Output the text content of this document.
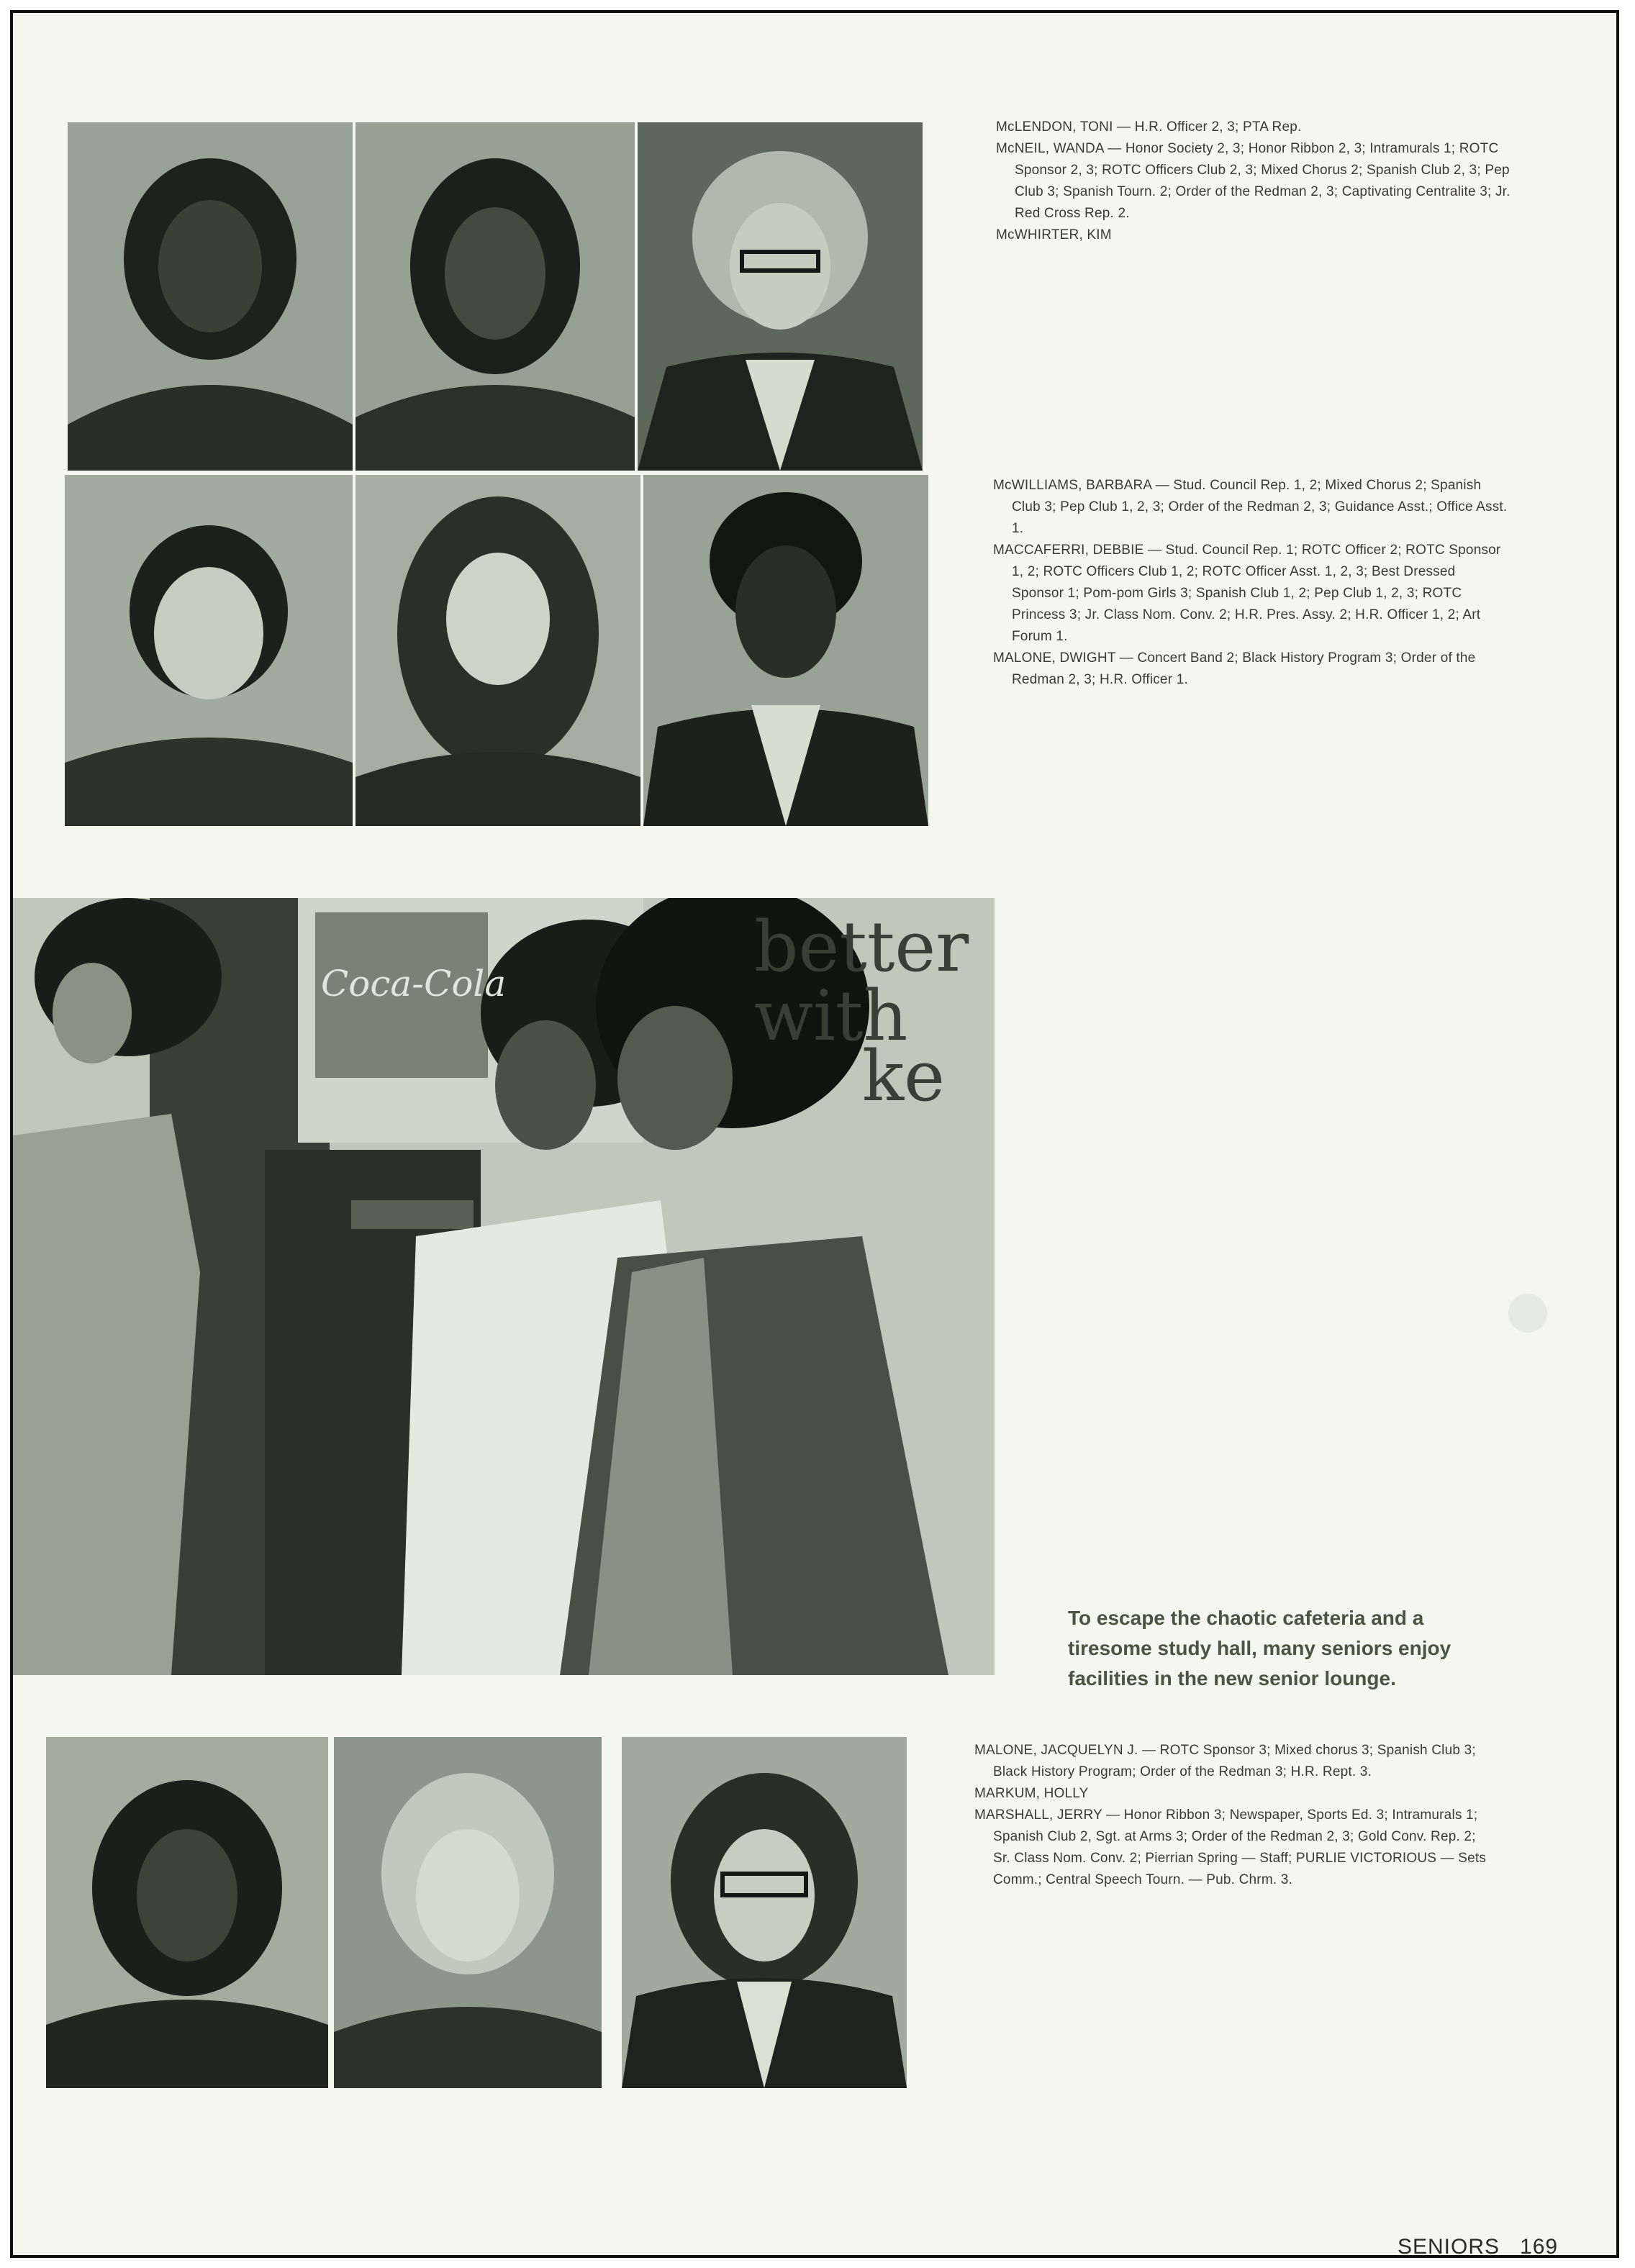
better with
ke
Coca-Cola

McLENDON, TONI — H.R. Officer 2, 3; PTA Rep.

McNEIL, WANDA — Honor Society 2, 3; Honor Ribbon 2, 3; Intramurals 1; ROTC Sponsor 2, 3; ROTC Officers Club 2, 3; Mixed Chorus 2; Spanish Club 2, 3; Pep Club 3; Spanish Tourn. 2; Order of the Redman 2, 3; Captivating Centralite 3; Jr. Red Cross Rep. 2.

McWHIRTER, KIM

McWILLIAMS, BARBARA — Stud. Council Rep. 1, 2; Mixed Chorus 2; Spanish Club 3; Pep Club 1, 2, 3; Order of the Redman 2, 3; Guidance Asst.; Office Asst. 1.

MACCAFERRI, DEBBIE — Stud. Council Rep. 1; ROTC Officer 2; ROTC Sponsor 1, 2; ROTC Officers Club 1, 2; ROTC Officer Asst. 1, 2, 3; Best Dressed Sponsor 1; Pom-pom Girls 3; Spanish Club 1, 2; Pep Club 1, 2, 3; ROTC Princess 3; Jr. Class Nom. Conv. 2; H.R. Pres. Assy. 2; H.R. Officer 1, 2; Art Forum 1.

MALONE, DWIGHT — Concert Band 2; Black History Program 3; Order of the Redman 2, 3; H.R. Officer 1.

To escape the chaotic cafeteria and a tiresome study hall, many seniors enjoy facilities in the new senior lounge.

MALONE, JACQUELYN J. — ROTC Sponsor 3; Mixed chorus 3; Spanish Club 3; Black History Program; Order of the Redman 3; H.R. Rept. 3.

MARKUM, HOLLY

MARSHALL, JERRY — Honor Ribbon 3; Newspaper, Sports Ed. 3; Intramurals 1; Spanish Club 2, Sgt. at Arms 3; Order of the Redman 2, 3; Gold Conv. Rep. 2; Sr. Class Nom. Conv. 2; Pierrian Spring — Staff; PURLIE VICTORIOUS — Sets Comm.; Central Speech Tourn. — Pub. Chrm. 3.

SENIORS 169
